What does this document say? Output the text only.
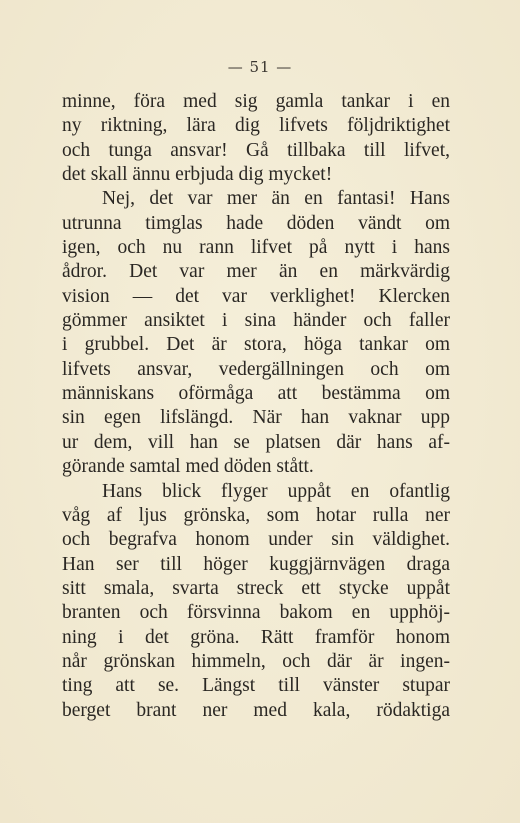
— 51 —
minne, föra med sig gamla tankar i en
ny riktning, lära dig lifvets följdriktighet
och tunga ansvar! Gå tillbaka till lifvet,
det skall ännu erbjuda dig mycket!
Nej, det var mer än en fantasi! Hans
utrunna timglas hade döden vändt om
igen, och nu rann lifvet på nytt i hans
ådror. Det var mer än en märkvärdig
vision — det var verklighet! Klercken
gömmer ansiktet i sina händer och faller
i grubbel. Det är stora, höga tankar om
lifvets ansvar, vedergällningen och om
människans oförmåga att bestämma om
sin egen lifslängd. När han vaknar upp
ur dem, vill han se platsen där hans af-
görande samtal med döden stått.
Hans blick flyger uppåt en ofantlig
våg af ljus grönska, som hotar rulla ner
och begrafva honom under sin väldighet.
Han ser till höger kuggjärnvägen draga
sitt smala, svarta streck ett stycke uppåt
branten och försvinna bakom en upphöj-
ning i det gröna. Rätt framför honom
når grönskan himmeln, och där är ingen-
ting att se. Längst till vänster stupar
berget brant ner med kala, rödaktiga
